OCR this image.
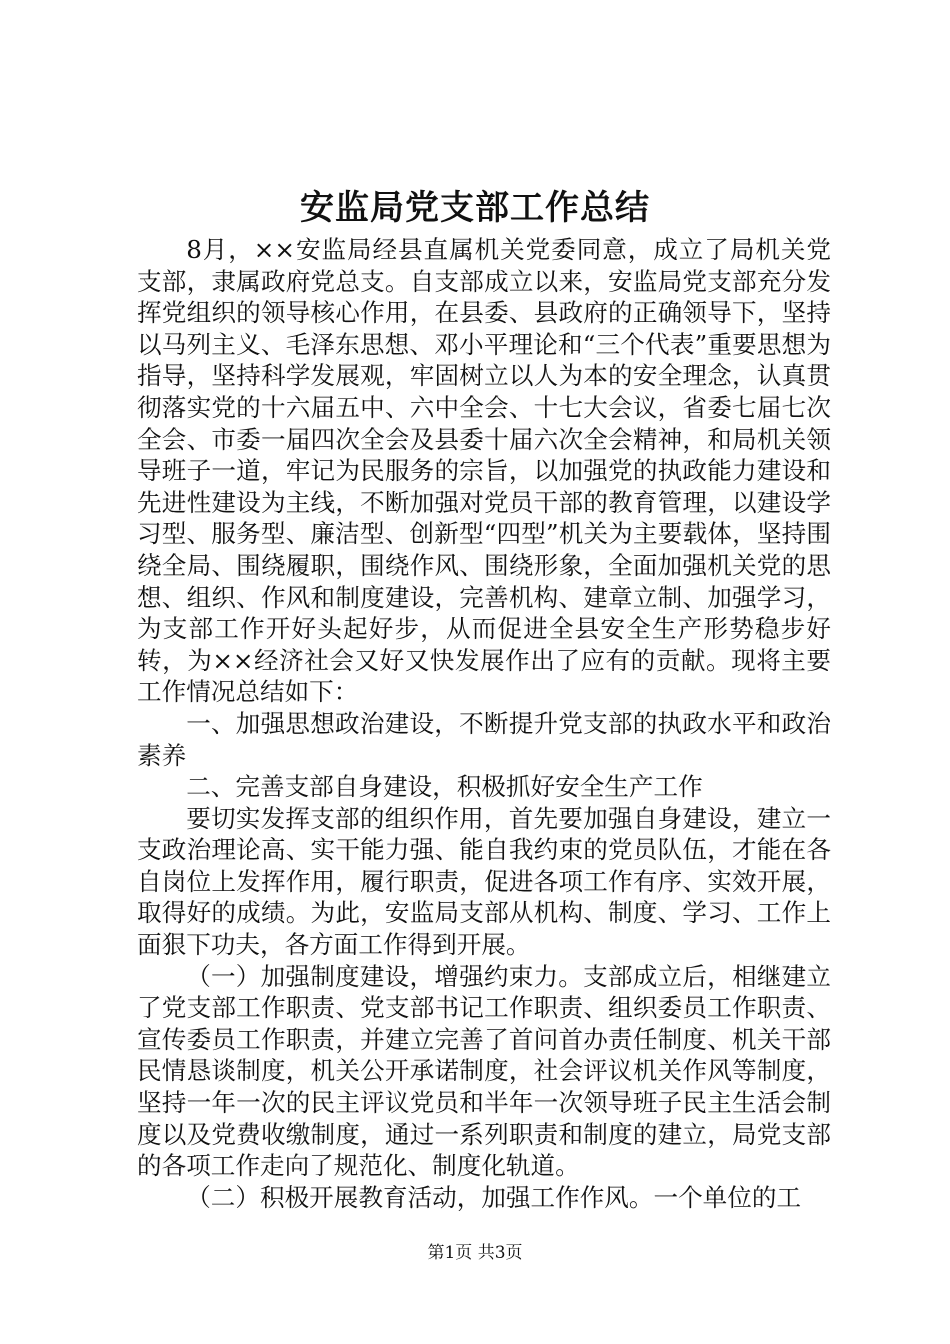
安监局党支部工作总结

8月，××安监局经县直属机关党委同意，成立了局机关党支部，隶属政府党总支。自支部成立以来，安监局党支部充分发挥党组织的领导核心作用，在县委、县政府的正确领导下，坚持以马列主义、毛泽东思想、邓小平理论和“三个代表”重要思想为指导，坚持科学发展观，牢固树立以人为本的安全理念，认真贯彻落实党的十六届五中、六中全会、十七大会议，省委七届七次全会、市委一届四次全会及县委十届六次全会精神，和局机关领导班子一道，牢记为民服务的宗旨，以加强党的执政能力建设和先进性建设为主线，不断加强对党员干部的教育管理，以建设学习型、服务型、廉洁型、创新型“四型”机关为主要载体，坚持围绕全局、围绕履职，围绕作风、围绕形象，全面加强机关党的思想、组织、作风和制度建设，完善机构、建章立制、加强学习，为支部工作开好头起好步，从而促进全县安全生产形势稳步好转，为××经济社会又好又快发展作出了应有的贡献。现将主要工作情况总结如下：

一、加强思想政治建设，不断提升党支部的执政水平和政治素养

二、完善支部自身建设，积极抓好安全生产工作

要切实发挥支部的组织作用，首先要加强自身建设，建立一支政治理论高、实干能力强、能自我约束的党员队伍，才能在各自岗位上发挥作用，履行职责，促进各项工作有序、实效开展，取得好的成绩。为此，安监局支部从机构、制度、学习、工作上面狠下功夫，各方面工作得到开展。

（一）加强制度建设，增强约束力。支部成立后，相继建立了党支部工作职责、党支部书记工作职责、组织委员工作职责、宣传委员工作职责，并建立完善了首问首办责任制度、机关干部民情恳谈制度，机关公开承诺制度，社会评议机关作风等制度，坚持一年一次的民主评议党员和半年一次领导班子民主生活会制度以及党费收缴制度，通过一系列职责和制度的建立，局党支部的各项工作走向了规范化、制度化轨道。

（二）积极开展教育活动，加强工作作风。一个单位的工

第1页 共3页
